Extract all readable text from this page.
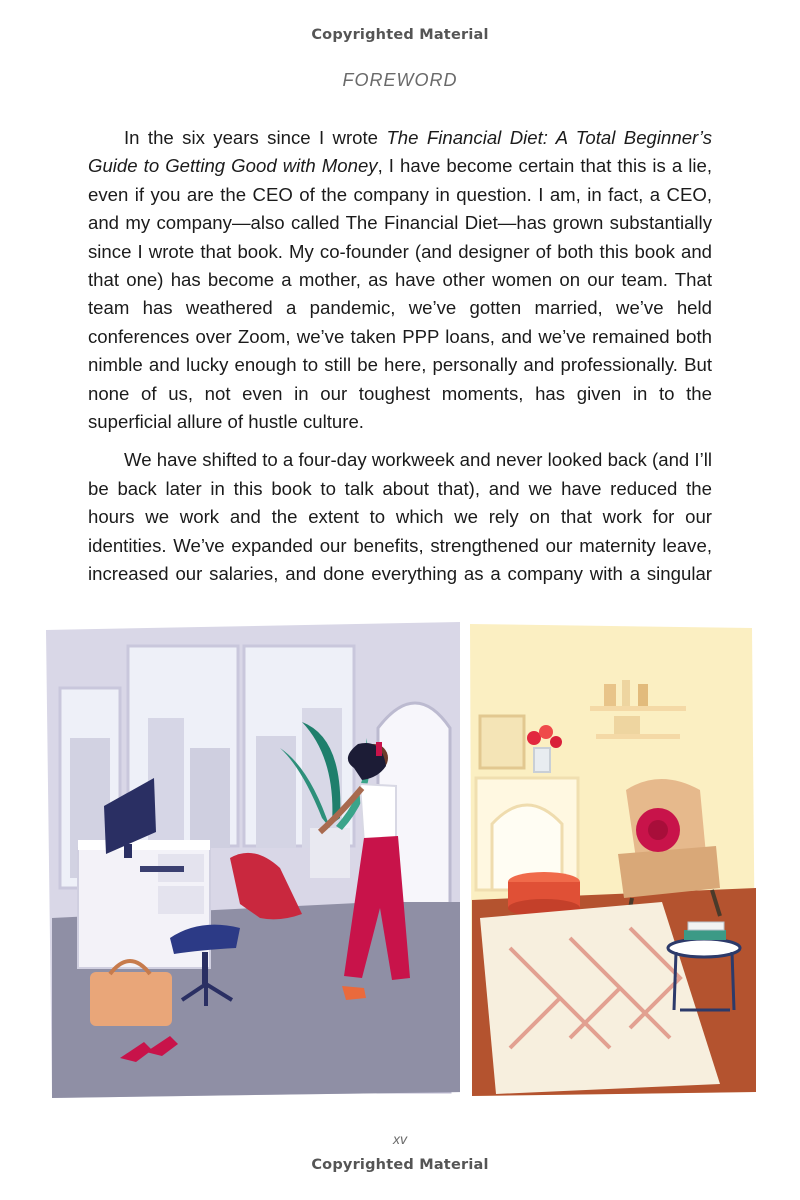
Copyrighted Material
FOREWORD

In the six years since I wrote The Financial Diet: A Total Beginner’s Guide to Getting Good with Money, I have become certain that this is a lie, even if you are the CEO of the company in question. I am, in fact, a CEO, and my company—also called The Financial Diet—has grown substantially since I wrote that book. My co-founder (and designer of both this book and that one) has become a mother, as have other women on our team. That team has weathered a pandemic, we’ve gotten married, we’ve held conferences over Zoom, we’ve taken PPP loans, and we’ve remained both nimble and lucky enough to still be here, personally and professionally. But none of us, not even in our toughest moments, has given in to the superficial allure of hustle culture.

We have shifted to a four-day workweek and never looked back (and I’ll be back later in this book to talk about that), and we have reduced the hours we work and the extent to which we rely on that work for our identities. We’ve expanded our benefits, strengthened our maternity leave, increased our salaries, and done everything as a company with a singular

xv
Copyrighted Material
